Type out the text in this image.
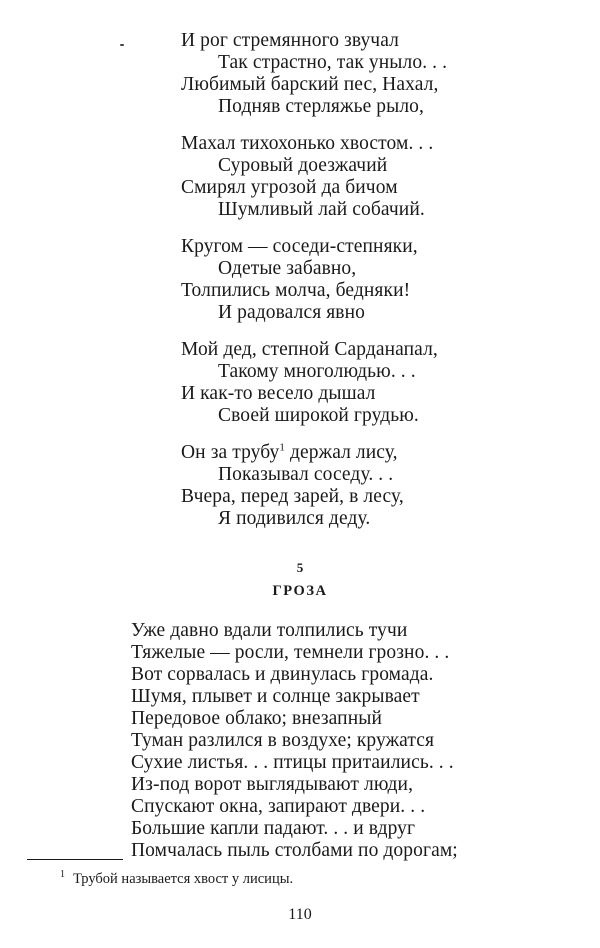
И рог стремянного звучал
Так страстно, так уныло. . .
Любимый барский пес, Нахал,
Подняв стерляжье рыло,
Махал тихохонько хвостом. . .
Суровый доезжачий
Смирял угрозой да бичом
Шумливый лай собачий.
Кругом — соседи-степняки,
Одетые забавно,
Толпились молча, бедняки!
И радовался явно
Мой дед, степной Сарданапал,
Такому многолюдью. . .
И как-то весело дышал
Своей широкой грудью.
Он за трубу$^1$ держал лису,
Показывал соседу. . .
Вчера, перед зарей, в лесу,
Я подивился деду.
5
ГРОЗА
Уже давно вдали толпились тучи
Тяжелые — росли, темнели грозно. . .
Вот сорвалась и двинулась громада.
Шумя, плывет и солнце закрывает
Передовое облако; внезапный
Туман разлился в воздухе; кружатся
Сухие листья. . . птицы притаились. . .
Из-под ворот выглядывают люди,
Спускают окна, запирают двери. . .
Большие капли падают. . . и вдруг
Помчалась пыль столбами по дорогам;
$^1$ Трубой называется хвост у лисицы.
110
